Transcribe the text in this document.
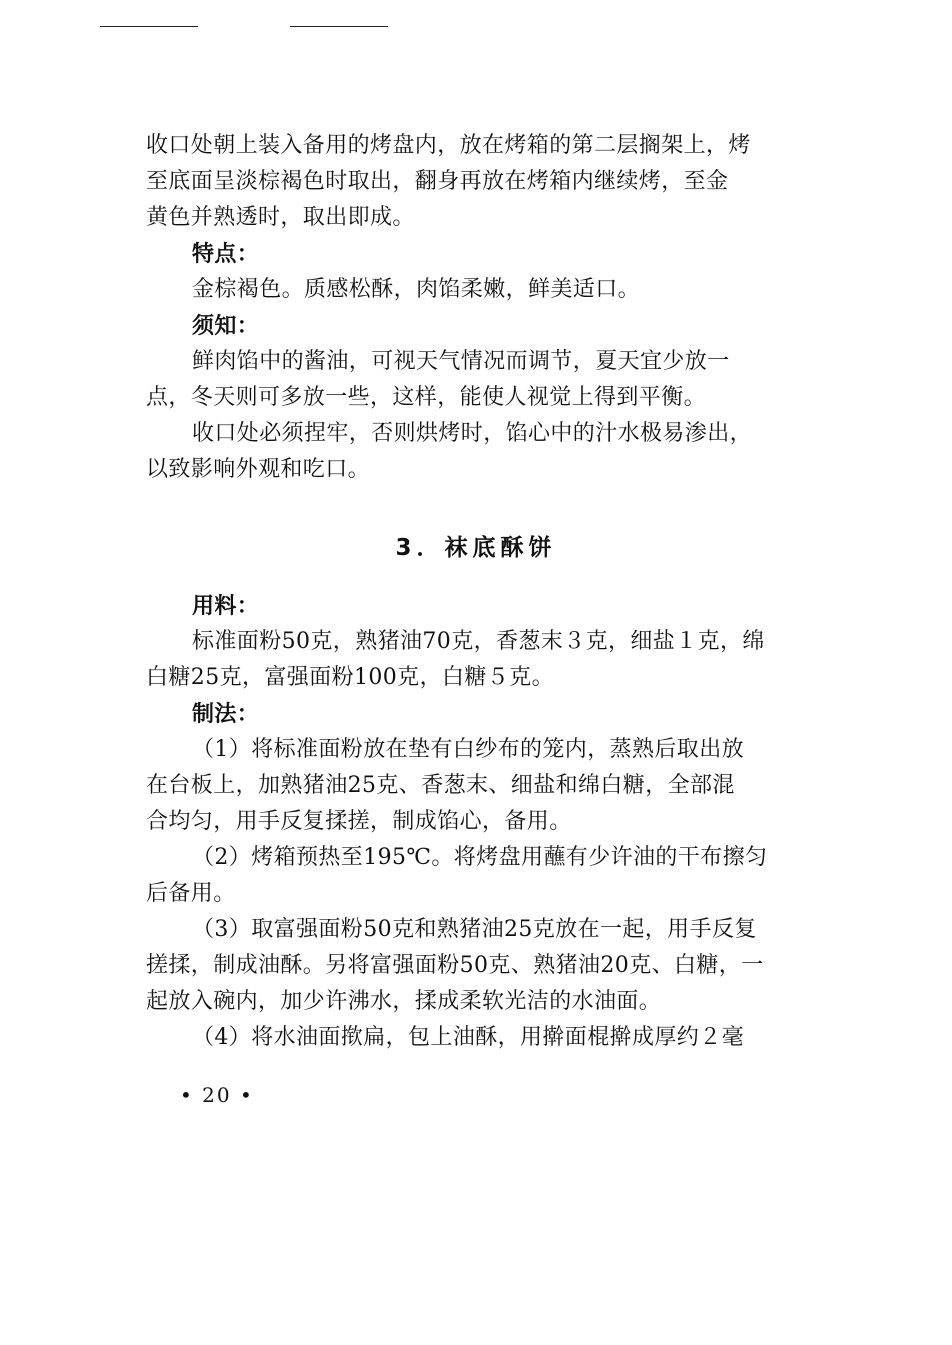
收口处朝上装入备用的烤盘内，放在烤箱的第二层搁架上，烤

至底面呈淡棕褐色时取出，翻身再放在烤箱内继续烤，至金

黄色并熟透时，取出即成。

特点：

金棕褐色。质感松酥，肉馅柔嫩，鲜美适口。

须知：

鲜肉馅中的酱油，可视天气情况而调节，夏天宜少放一

点，冬天则可多放一些，这样，能使人视觉上得到平衡。

收口处必须捏牢，否则烘烤时，馅心中的汁水极易渗出，

以致影响外观和吃口。

3．袜底酥饼

用料：

标准面粉50克，熟猪油70克，香葱末３克，细盐１克，绵

白糖25克，富强面粉100克，白糖５克。

制法：

（1）将标准面粉放在垫有白纱布的笼内，蒸熟后取出放

在台板上，加熟猪油25克、香葱末、细盐和绵白糖，全部混

合均匀，用手反复揉搓，制成馅心，备用。

（2）烤箱预热至195℃。将烤盘用蘸有少许油的干布擦匀

后备用。

（3）取富强面粉50克和熟猪油25克放在一起，用手反复

搓揉，制成油酥。另将富强面粉50克、熟猪油20克、白糖，一

起放入碗内，加少许沸水，揉成柔软光洁的水油面。

（4）将水油面揿扁，包上油酥，用擀面棍擀成厚约２毫

• 20 •
